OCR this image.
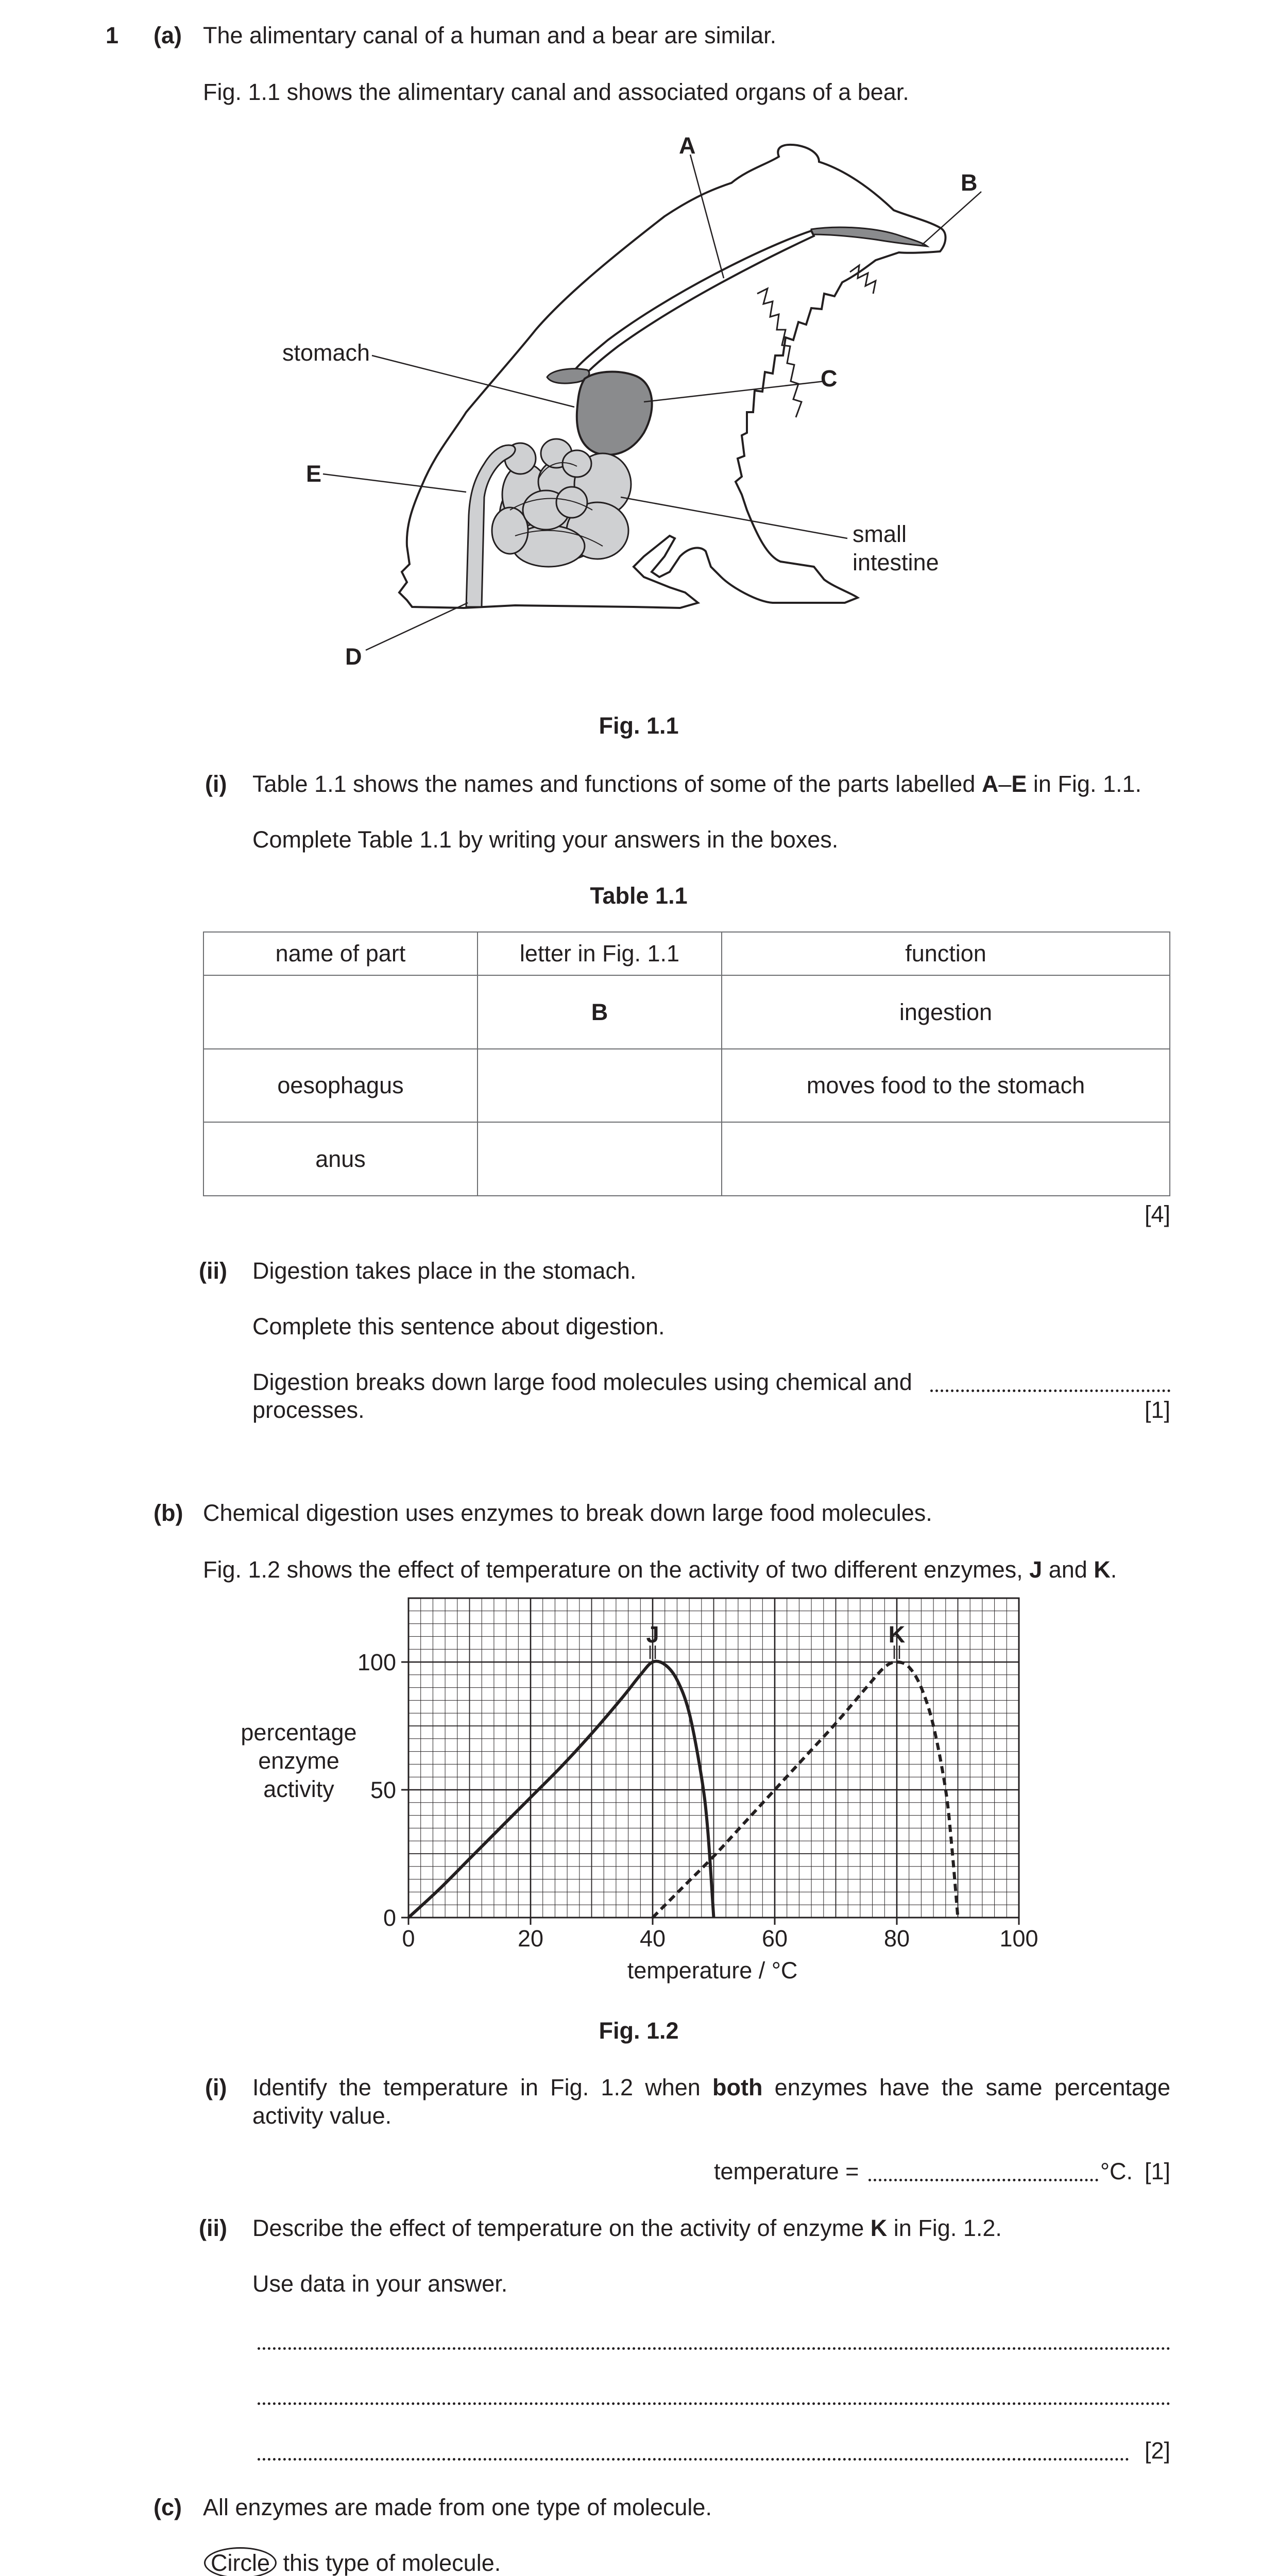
1 (a) The alimentary canal of a human and a bear are similar.
Fig. 1.1 shows the alimentary canal and associated organs of a bear.
A
B
C
D
E
stomach
small
intestine
Fig. 1.1
(i) Table 1.1 shows the names and functions of some of the parts labelled A–E in Fig. 1.1.
Complete Table 1.1 by writing your answers in the boxes.
Table 1.1
name of part	letter in Fig. 1.1	function
	B	ingestion
oesophagus		moves food to the stomach
anus		
[4]
(ii) Digestion takes place in the stomach.
Complete this sentence about digestion.
Digestion breaks down large food molecules using chemical and
processes.	[1]
(b) Chemical digestion uses enzymes to break down large food molecules.
Fig. 1.2 shows the effect of temperature on the activity of two different enzymes, J and K.
J	K
0	20	40	60	80	100
0
50
100
percentage
enzyme
activity
temperature / °C
Fig. 1.2
(i) Identify the temperature in Fig. 1.2 when both enzymes have the same percentage
activity value.
temperature =	°C. [1]
(ii) Describe the effect of temperature on the activity of enzyme K in Fig. 1.2.
Use data in your answer.
[2]
(c) All enzymes are made from one type of molecule.
Circle this type of molecule.
